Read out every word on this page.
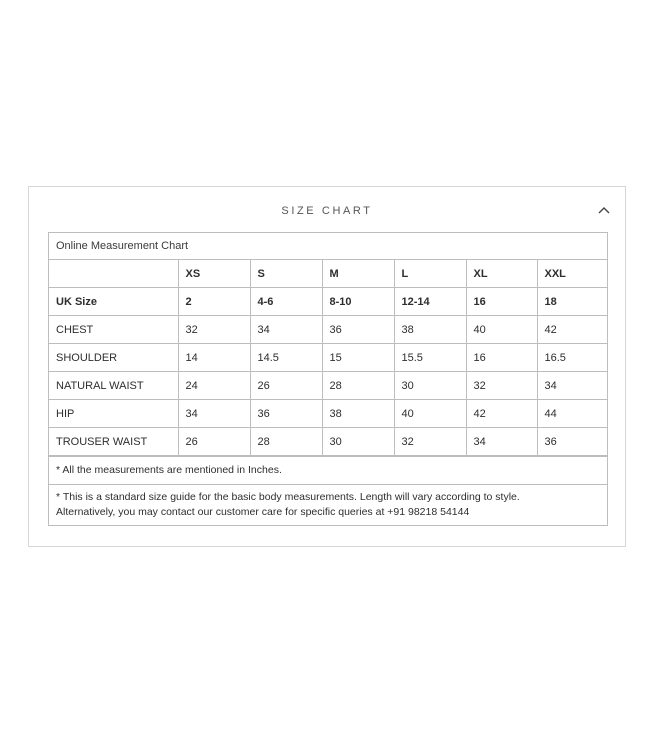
SIZE CHART
Online Measurement Chart
	XS	S	M	L	XL	XXL
UK Size	2	4-6	8-10	12-14	16	18
CHEST	32	34	36	38	40	42
SHOULDER	14	14.5	15	15.5	16	16.5
NATURAL WAIST	24	26	28	30	32	34
HIP	34	36	38	40	42	44
TROUSER WAIST	26	28	30	32	34	36
* All the measurements are mentioned in Inches.
* This is a standard size guide for the basic body measurements. Length will vary according to style.
Alternatively, you may contact our customer care for specific queries at +91 98218 54144
